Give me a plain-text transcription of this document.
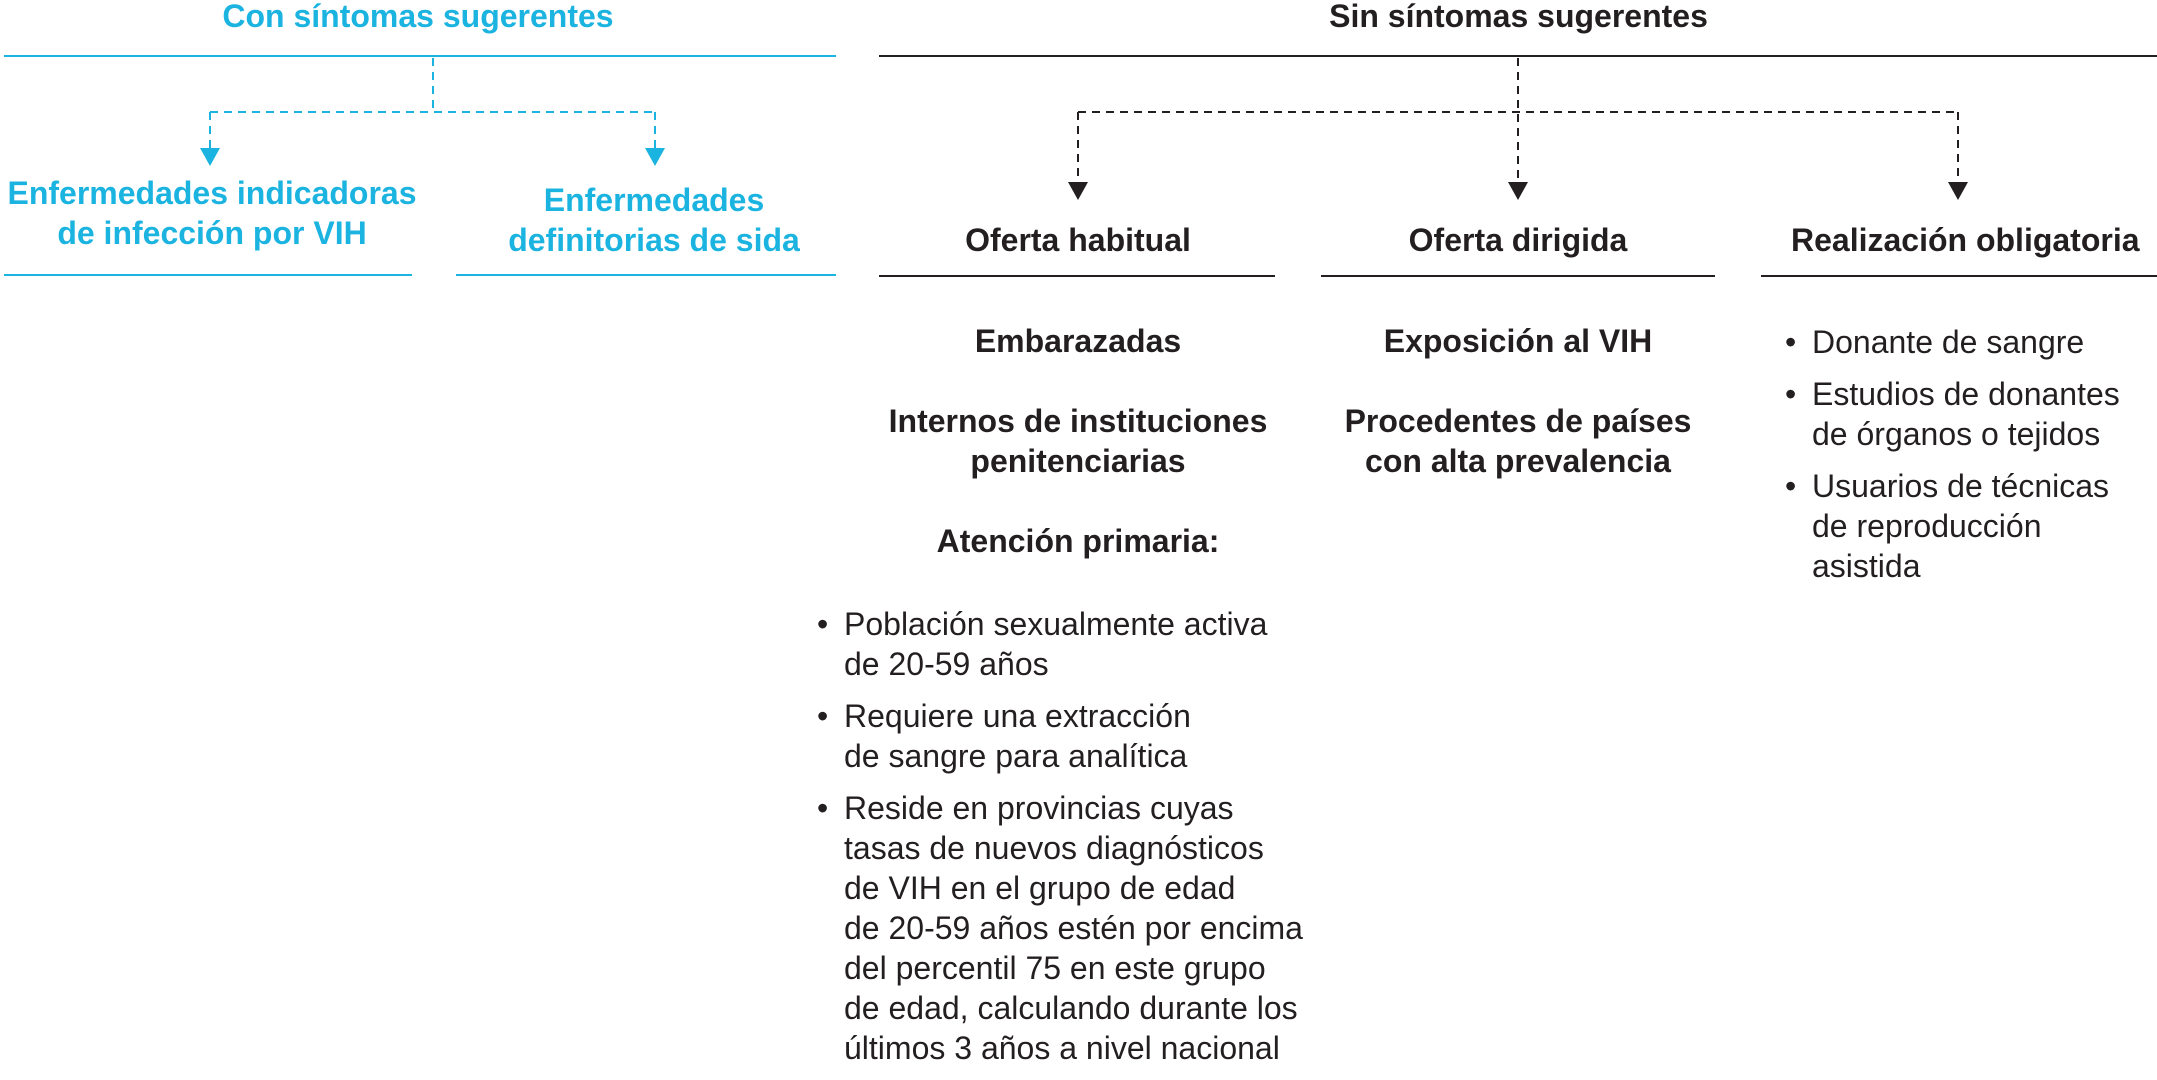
Con síntomas sugerentes
Enfermedades indicadoras
de infección por VIH
Enfermedades
definitorias de sida
Sin síntomas sugerentes
Oferta habitual	Oferta dirigida	Realización obligatoria
Embarazadas
Internos de instituciones
penitenciarias
Atención primaria:
• Población sexualmente activa
de 20-59 años
• Requiere una extracción
de sangre para analítica
• Reside en provincias cuyas
tasas de nuevos diagnósticos
de VIH en el grupo de edad
de 20-59 años estén por encima
del percentil 75 en este grupo
de edad, calculando durante los
últimos 3 años a nivel nacional
Exposición al VIH
Procedentes de países
con alta prevalencia
• Donante de sangre
• Estudios de donantes
de órganos o tejidos
• Usuarios de técnicas
de reproducción
asistida
